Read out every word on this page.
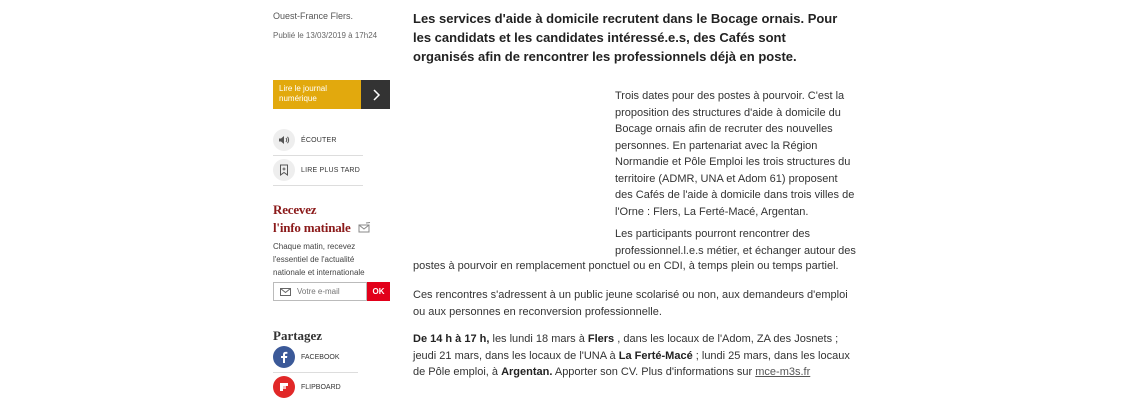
Ouest-France Flers.
Publié le 13/03/2019 à 17h24
Lire le journal numérique
ÉCOUTER
LIRE PLUS TARD
Recevez
l'info matinale
Chaque matin, recevez l'essentiel de l'actualité nationale et internationale
Votre e-mail
OK
Partagez
FACEBOOK
FLIPBOARD

Les services d'aide à domicile recrutent dans le Bocage ornais. Pour les candidats et les candidates intéressé.e.s, des Cafés sont organisés afin de rencontrer les professionnels déjà en poste.

Trois dates pour des postes à pourvoir. C'est la proposition des structures d'aide à domicile du Bocage ornais afin de recruter des nouvelles personnes. En partenariat avec la Région Normandie et Pôle Emploi les trois structures du territoire (ADMR, UNA et Adom 61) proposent des Cafés de l'aide à domicile dans trois villes de l'Orne : Flers, La Ferté-Macé, Argentan.

Les participants pourront rencontrer des professionnel.l.e.s métier, et échanger autour des

postes à pourvoir en remplacement ponctuel ou en CDI, à temps plein ou temps partiel.

Ces rencontres s'adressent à un public jeune scolarisé ou non, aux demandeurs d'emploi ou aux personnes en reconversion professionnelle.

De 14 h à 17 h, les lundi 18 mars à Flers , dans les locaux de l'Adom, ZA des Josnets ; jeudi 21 mars, dans les locaux de l'UNA à La Ferté-Macé ; lundi 25 mars, dans les locaux de Pôle emploi, à Argentan. Apporter son CV. Plus d'informations sur mce-m3s.fr
